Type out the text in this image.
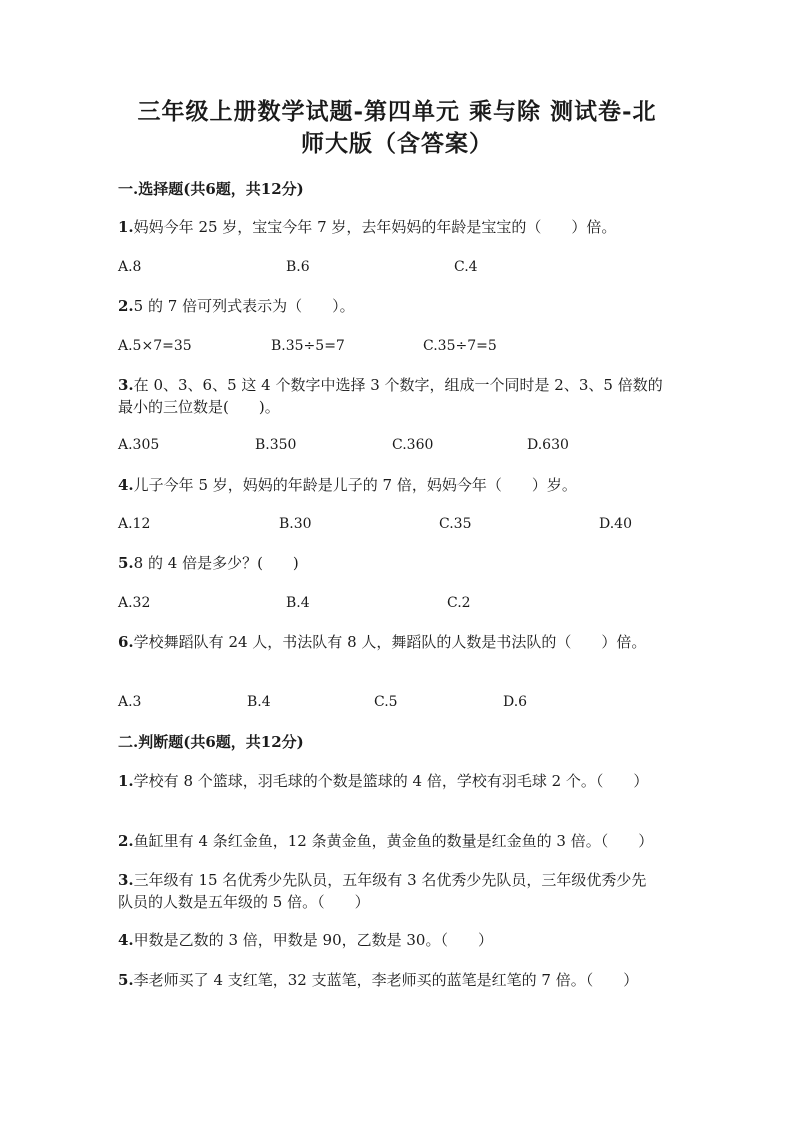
三年级上册数学试题-第四单元 乘与除 测试卷-北
师大版（含答案）
一.选择题(共6题，共12分)
1.妈妈今年 25 岁，宝宝今年 7 岁，去年妈妈的年龄是宝宝的（　　）倍。
A.8	B.6	C.4
2.5 的 7 倍可列式表示为（　　）。
A.5×7=35	B.35÷5=7	C.35÷7=5
3.在 0、3、6、5 这 4 个数字中选择 3 个数字，组成一个同时是 2、3、5 倍数的
最小的三位数是(　　)。
A.305	B.350	C.360	D.630
4.儿子今年 5 岁，妈妈的年龄是儿子的 7 倍，妈妈今年（　　）岁。
A.12	B.30	C.35	D.40
5.8 的 4 倍是多少？(　　)
A.32	B.4	C.2
6.学校舞蹈队有 24 人，书法队有 8 人，舞蹈队的人数是书法队的（　　）倍。
A.3	B.4	C.5	D.6
二.判断题(共6题，共12分)
1.学校有 8 个篮球，羽毛球的个数是篮球的 4 倍，学校有羽毛球 2 个。（　　）
2.鱼缸里有 4 条红金鱼，12 条黄金鱼，黄金鱼的数量是红金鱼的 3 倍。（　　）
3.三年级有 15 名优秀少先队员，五年级有 3 名优秀少先队员，三年级优秀少先
队员的人数是五年级的 5 倍。（　　）
4.甲数是乙数的 3 倍，甲数是 90，乙数是 30。（　　）
5.李老师买了 4 支红笔，32 支蓝笔，李老师买的蓝笔是红笔的 7 倍。（　　）
